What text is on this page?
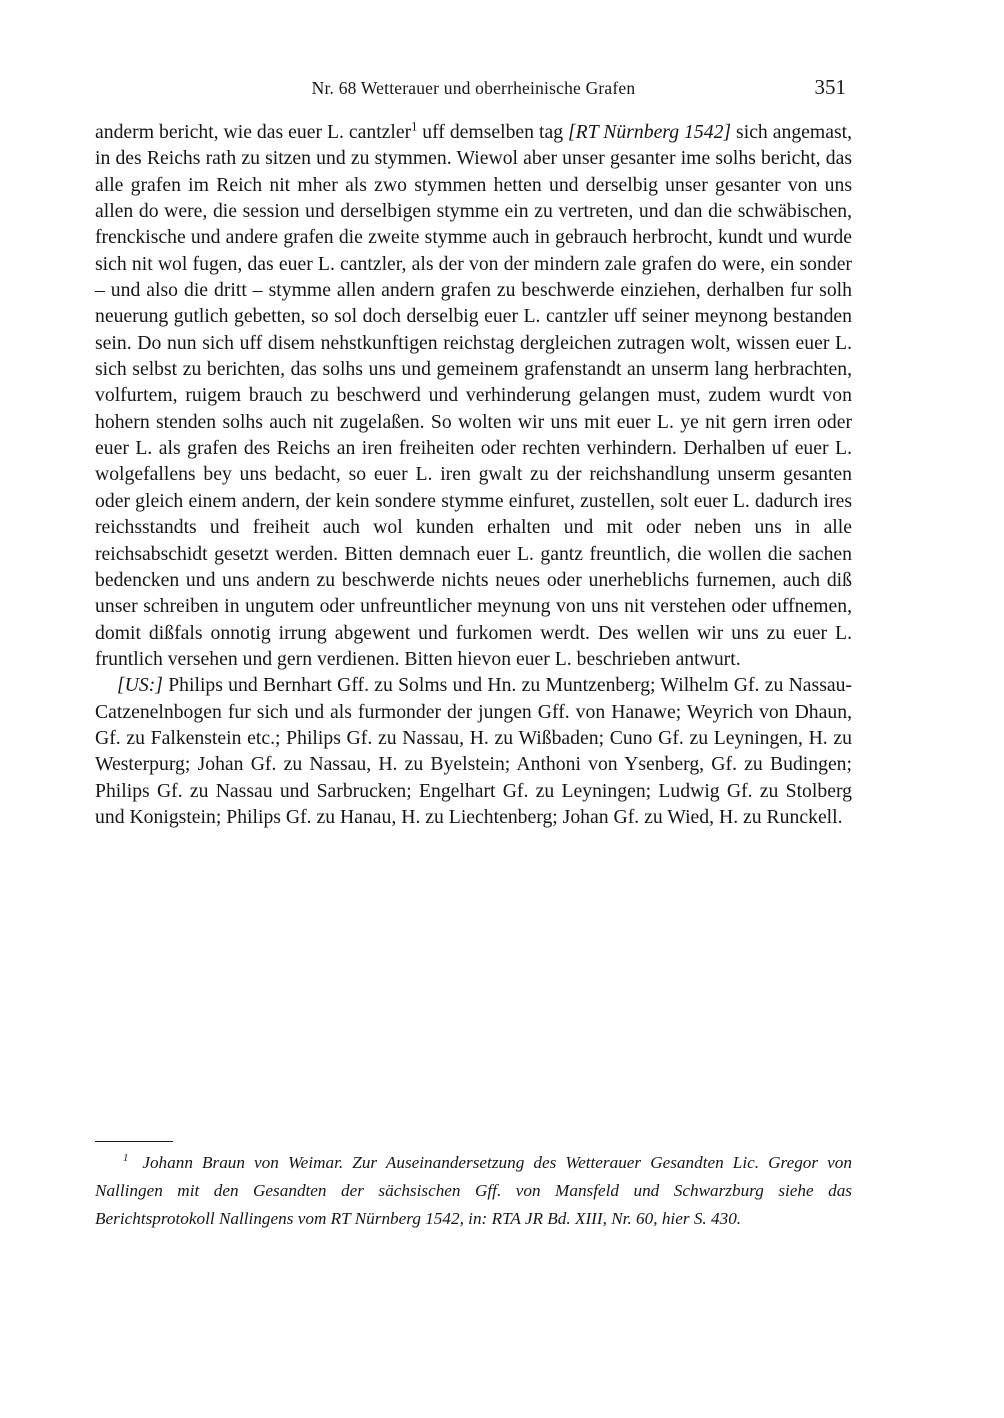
Nr. 68 Wetterauer und oberrheinische Grafen	351

anderm bericht, wie das euer L. cantzler$^1$ uff demselben tag [RT Nürnberg 1542] sich angemast, in des Reichs rath zu sitzen und zu stymmen. Wiewol aber unser gesanter ime solhs bericht, das alle grafen im Reich nit mher als zwo stymmen hetten und derselbig unser gesanter von uns allen do were, die session und derselbigen stymme ein zu vertreten, und dan die schwäbischen, frenckische und andere grafen die zweite stymme auch in gebrauch herbrocht, kundt und wurde sich nit wol fugen, das euer L. cantzler, als der von der mindern zale grafen do were, ein sonder – und also die dritt – stymme allen andern grafen zu beschwerde einziehen, derhalben fur solh neuerung gutlich gebetten, so sol doch derselbig euer L. cantzler uff seiner meynong bestanden sein. Do nun sich uff disem nehstkunftigen reichstag dergleichen zutragen wolt, wissen euer L. sich selbst zu berichten, das solhs uns und gemeinem grafenstandt an unserm lang herbrachten, volfurtem, ruigem brauch zu beschwerd und verhinderung gelangen must, zudem wurdt von hohern stenden solhs auch nit zugelaßen. So wolten wir uns mit euer L. ye nit gern irren oder euer L. als grafen des Reichs an iren freiheiten oder rechten verhindern. Derhalben uf euer L. wolgefallens bey uns bedacht, so euer L. iren gwalt zu der reichshandlung unserm gesanten oder gleich einem andern, der kein sondere stymme einfuret, zustellen, solt euer L. dadurch ires reichsstandts und freiheit auch wol kunden erhalten und mit oder neben uns in alle reichsabschidt gesetzt werden. Bitten demnach euer L. gantz freuntlich, die wollen die sachen bedencken und uns andern zu beschwerde nichts neues oder unerheblichs furnemen, auch diß unser schreiben in ungutem oder unfreuntlicher meynung von uns nit verstehen oder uffnemen, domit dißfals onnotig irrung abgewent und furkomen werdt. Des wellen wir uns zu euer L. fruntlich versehen und gern verdienen. Bitten hievon euer L. beschrieben antwurt.

[US:] Philips und Bernhart Gff. zu Solms und Hn. zu Muntzenberg; Wilhelm Gf. zu Nassau-Catzenelnbogen fur sich und als furmonder der jungen Gff. von Hanawe; Weyrich von Dhaun, Gf. zu Falkenstein etc.; Philips Gf. zu Nassau, H. zu Wißbaden; Cuno Gf. zu Leyningen, H. zu Westerpurg; Johan Gf. zu Nassau, H. zu Byelstein; Anthoni von Ysenberg, Gf. zu Budingen; Philips Gf. zu Nassau und Sarbrucken; Engelhart Gf. zu Leyningen; Ludwig Gf. zu Stolberg und Konigstein; Philips Gf. zu Hanau, H. zu Liechtenberg; Johan Gf. zu Wied, H. zu Runckell.

$^1$ Johann Braun von Weimar. Zur Auseinandersetzung des Wetterauer Gesandten Lic. Gregor von Nallingen mit den Gesandten der sächsischen Gff. von Mansfeld und Schwarzburg siehe das Berichtsprotokoll Nallingens vom RT Nürnberg 1542, in: RTA JR Bd. XIII, Nr. 60, hier S. 430.
